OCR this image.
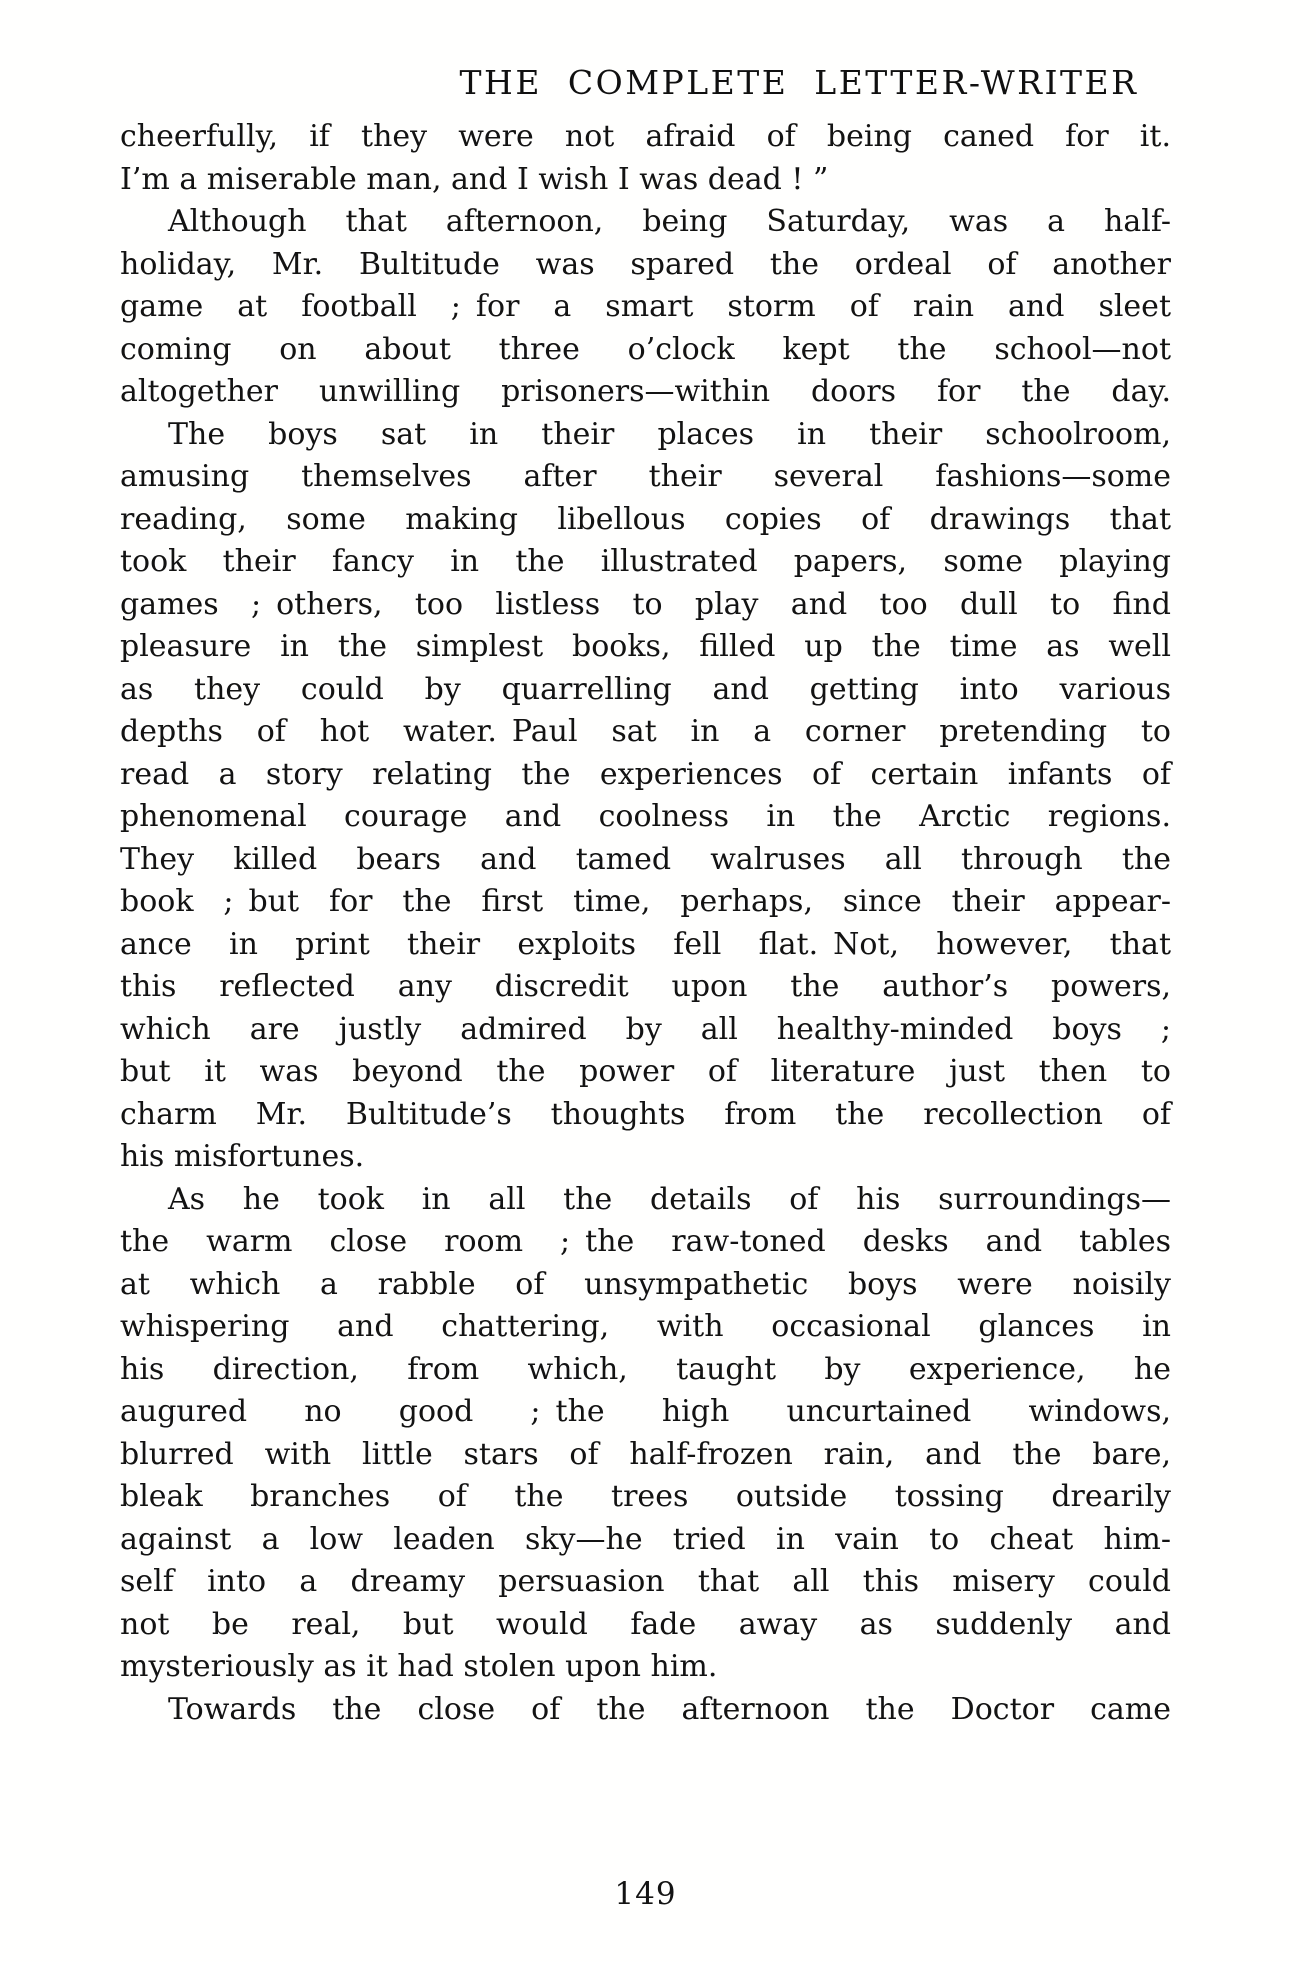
THE COMPLETE LETTER-WRITER
cheerfully, if they were not afraid of being caned for it.
I’m a miserable man, and I wish I was dead ! ”
Although that afternoon, being Saturday, was a half-
holiday, Mr. Bultitude was spared the ordeal of another
game at football ; for a smart storm of rain and sleet
coming on about three o’clock kept the school—not
altogether unwilling prisoners—within doors for the day.
The boys sat in their places in their schoolroom,
amusing themselves after their several fashions—some
reading, some making libellous copies of drawings that
took their fancy in the illustrated papers, some playing
games ; others, too listless to play and too dull to find
pleasure in the simplest books, filled up the time as well
as they could by quarrelling and getting into various
depths of hot water. Paul sat in a corner pretending to
read a story relating the experiences of certain infants of
phenomenal courage and coolness in the Arctic regions.
They killed bears and tamed walruses all through the
book ; but for the first time, perhaps, since their appear-
ance in print their exploits fell flat. Not, however, that
this reflected any discredit upon the author’s powers,
which are justly admired by all healthy-minded boys ;
but it was beyond the power of literature just then to
charm Mr. Bultitude’s thoughts from the recollection of
his misfortunes.
As he took in all the details of his surroundings—
the warm close room ; the raw-toned desks and tables
at which a rabble of unsympathetic boys were noisily
whispering and chattering, with occasional glances in
his direction, from which, taught by experience, he
augured no good ; the high uncurtained windows,
blurred with little stars of half-frozen rain, and the bare,
bleak branches of the trees outside tossing drearily
against a low leaden sky—he tried in vain to cheat him-
self into a dreamy persuasion that all this misery could
not be real, but would fade away as suddenly and
mysteriously as it had stolen upon him.
Towards the close of the afternoon the Doctor came
149
